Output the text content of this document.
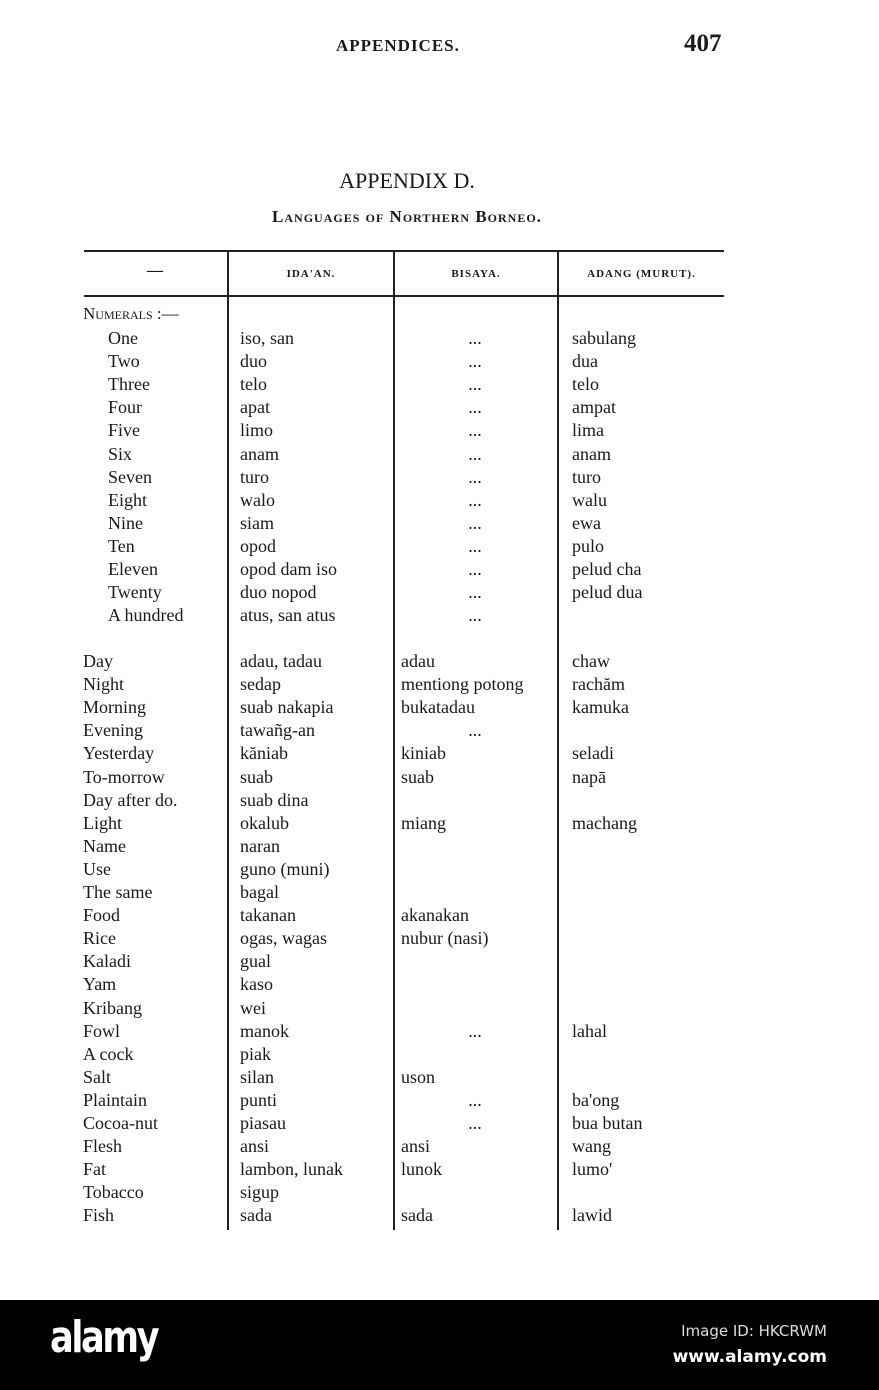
APPENDICES.	407
APPENDIX D.
Languages of Northern Borneo.
—	IDA'AN.	BISAYA.	ADANG (MURUT).
Numerals :—
One	iso, san	...	sabulang
Two	duo	...	dua
Three	telo	...	telo
Four	apat	...	ampat
Five	limo	...	lima
Six	anam	...	anam
Seven	turo	...	turo
Eight	walo	...	walu
Nine	siam	...	ewa
Ten	opod	...	pulo
Eleven	opod dam iso	...	pelud cha
Twenty	duo nopod	...	pelud dua
A hundred	atus, san atus	...
Day	adau, tadau	adau	chaw
Night	sedap	mentiong potong	rachăm
Morning	suab nakapia	bukatadau	kamuka
Evening	tawañg-an	...
Yesterday	kăniab	kiniab	seladi
To-morrow	suab	suab	napā
Day after do.	suab dina
Light	okalub	miang	machang
Name	naran
Use	guno (muni)
The same	bagal
Food	takanan	akanakan
Rice	ogas, wagas	nubur (nasi)
Kaladi	gual
Yam	kaso
Kribang	wei
Fowl	manok	...	lahal
A cock	piak
Salt	silan	uson
Plaintain	punti	...	ba'ong
Cocoa-nut	piasau	...	bua butan
Flesh	ansi	ansi	wang
Fat	lambon, lunak	lunok	lumo'
Tobacco	sigup
Fish	sada	sada	lawid
alamy	Image ID: HKCRWM
www.alamy.com
